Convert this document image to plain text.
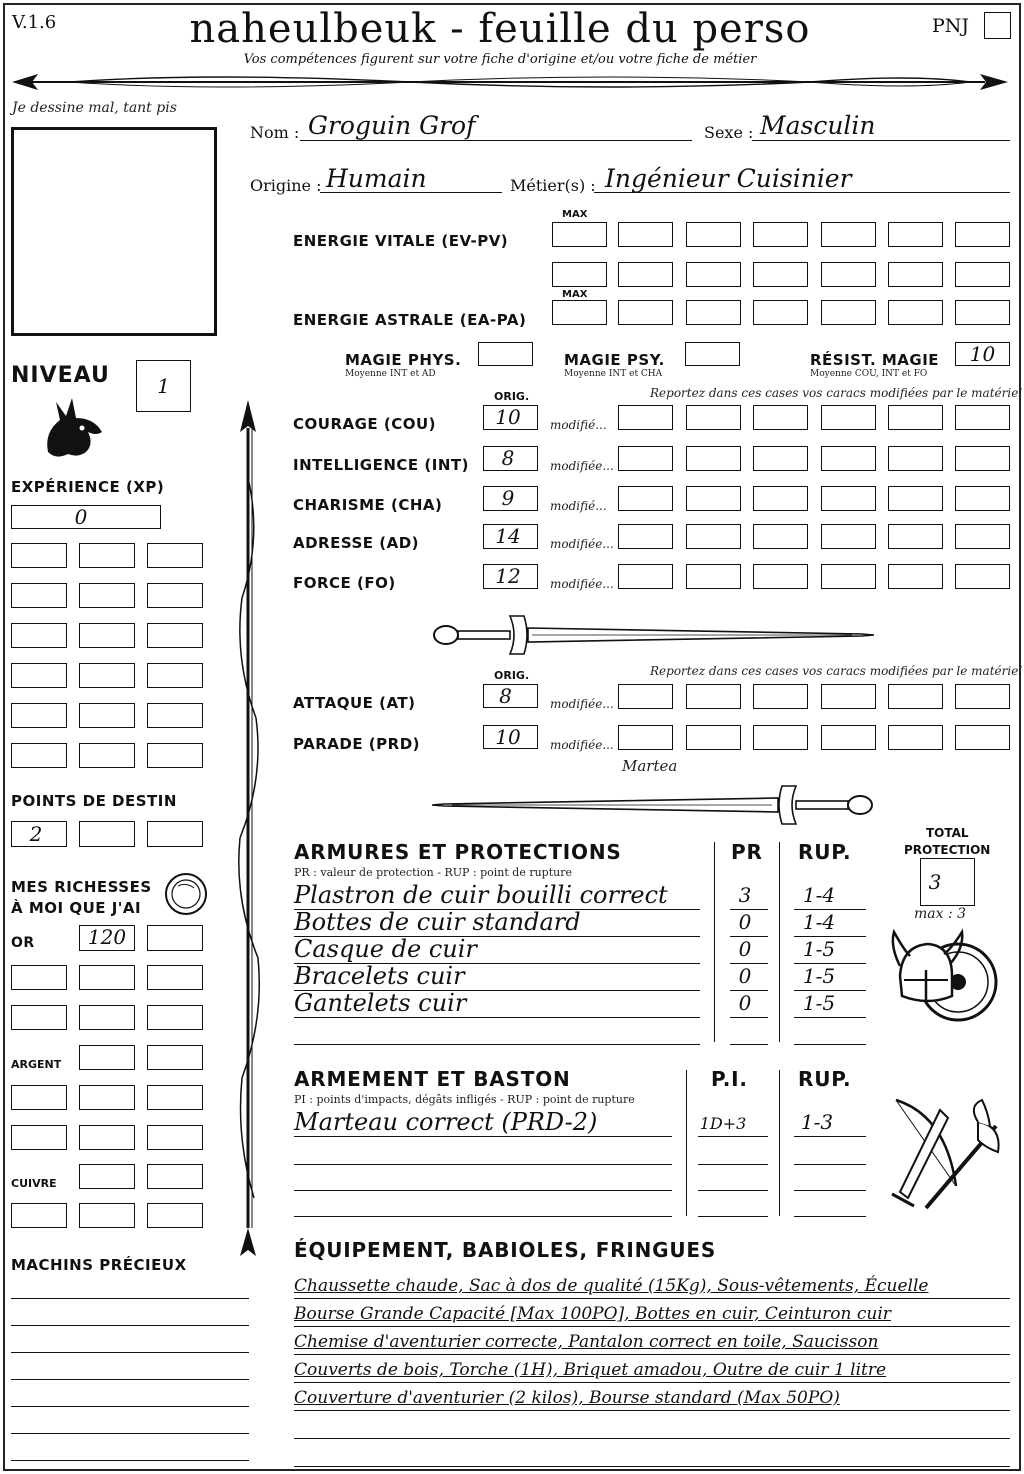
V.1.6	naheulbeuk - feuille du perso
Vos compétences figurent sur votre fiche d'origine et/ou votre fiche de métier
PNJ
Je dessine mal, tant pis
NIVEAU	1
EXPÉRIENCE (XP)
0
POINTS DE DESTIN
2
MES RICHESSES
À MOI QUE J'AI
OR	120
ARGENT
CUIVRE
MACHINS PRÉCIEUX
Nom : Groguin Grof	Sexe : Masculin
Origine : Humain	Métier(s) : Ingénieur Cuisinier
MAX
ENERGIE VITALE (EV-PV)
MAX
ENERGIE ASTRALE (EA-PA)
MAGIE PHYS.
Moyenne INT et AD
MAGIE PSY.
Moyenne INT et CHA
RÉSIST. MAGIE
Moyenne COU, INT et FO
10
ORIG.	Reportez dans ces cases vos caracs modifiées par le matériel
ORIG.	Reportez dans ces cases vos caracs modifiées par le matériel
ATTAQUE (AT)	8	modifiée...
PARADE (PRD)	10	modifiée...
Martea
ARMURES ET PROTECTIONS
PR : valeur de protection - RUP : point de rupture
PR RUP.
TOTAL
PROTECTION
3
max : 3
ARMEMENT ET BASTON
PI : points d'impacts, dégâts infligés - RUP : point de rupture
P.I.	RUP.
ÉQUIPEMENT, BABIOLES, FRINGUES
COURAGE (COU)	10	modifié...
INTELLIGENCE (INT)	8	modifiée...
CHARISME (CHA)	9	modifié...
ADRESSE (AD)	14	modifiée...
FORCE (FO)	12	modifiée...
Plastron de cuir bouilli correct	3	1-4
Bottes de cuir standard	0	1-4
Casque de cuir	0	1-5
Bracelets cuir	0	1-5
Gantelets cuir	0	1-5
Marteau correct (PRD-2)	1D+3	1-3
Chaussette chaude, Sac à dos de qualité (15Kg), Sous-vêtements, Écuelle
Bourse Grande Capacité [Max 100PO], Bottes en cuir, Ceinturon cuir
Chemise d'aventurier correcte, Pantalon correct en toile, Saucisson
Couverts de bois, Torche (1H), Briquet amadou, Outre de cuir 1 litre
Couverture d'aventurier (2 kilos), Bourse standard (Max 50PO)
